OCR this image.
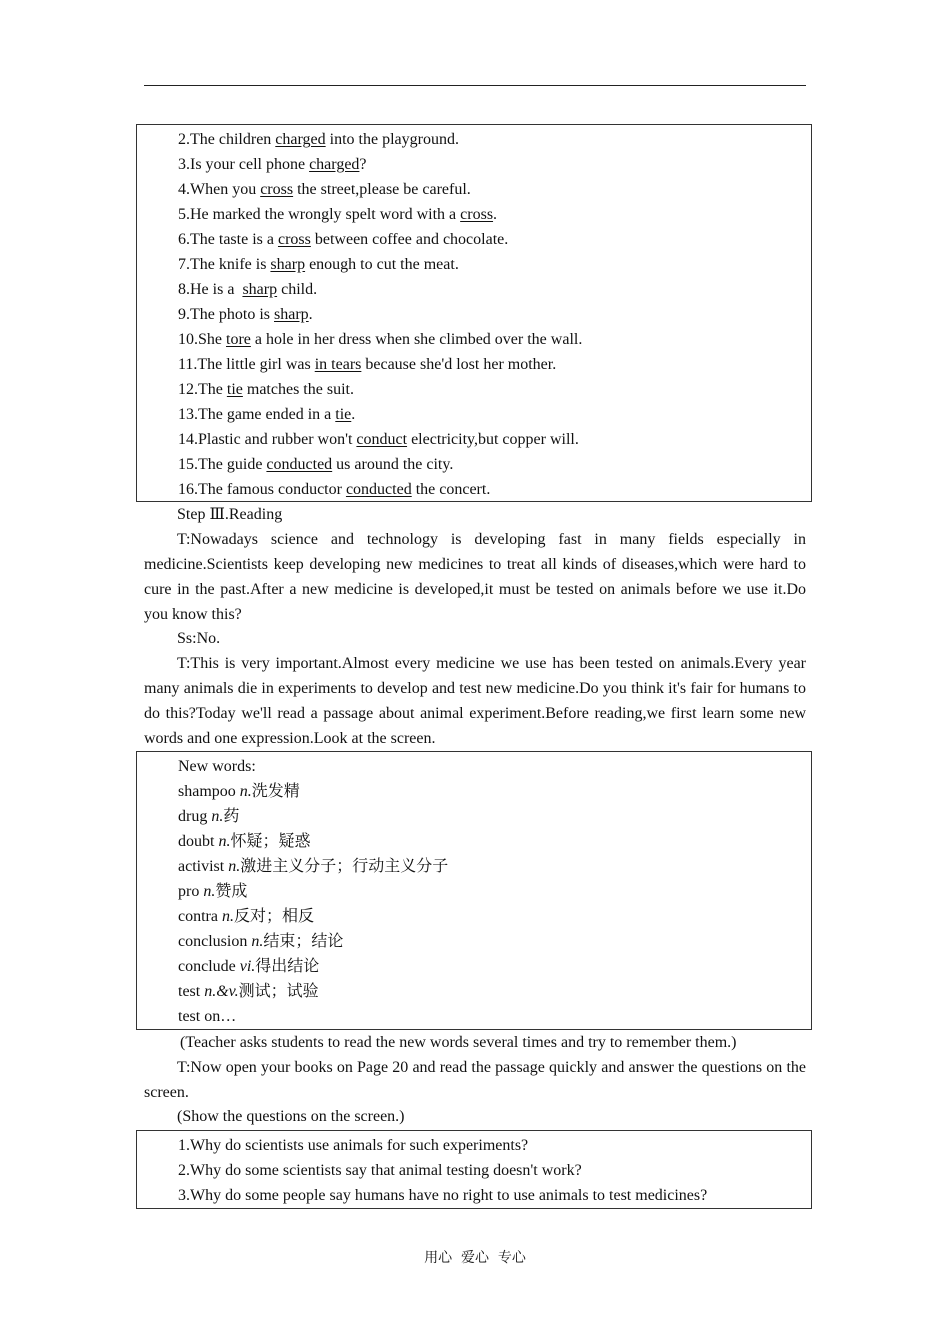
2.The children charged into the playground.
3.Is your cell phone charged?
4.When you cross the street,please be careful.
5.He marked the wrongly spelt word with a cross.
6.The taste is a cross between coffee and chocolate.
7.The knife is sharp enough to cut the meat.
8.He is a  sharp child.
9.The photo is sharp.
10.She tore a hole in her dress when she climbed over the wall.
11.The little girl was in tears because she'd lost her mother.
12.The tie matches the suit.
13.The game ended in a tie.
14.Plastic and rubber won't conduct electricity,but copper will.
15.The guide conducted us around the city.
16.The famous conductor conducted the concert.
Step Ⅲ.Reading
T:Nowadays science and technology is developing fast in many fields especially in medicine.Scientists keep developing new medicines to treat all kinds of diseases,which were hard to cure in the past.After a new medicine is developed,it must be tested on animals before we use it.Do you know this?
Ss:No.
T:This is very important.Almost every medicine we use has been tested on animals.Every year many animals die in experiments to develop and test new medicine.Do you think it's fair for humans to do this?Today we'll read a passage about animal experiment.Before reading,we first learn some new words and one expression.Look at the screen.
New words:
shampoo n.洗发精
drug n.药
doubt n.怀疑；疑惑
activist n.激进主义分子；行动主义分子
pro n.赞成
contra n.反对；相反
conclusion n.结束；结论
conclude vi.得出结论
test n.&v.测试；试验
test on…
(Teacher asks students to read the new words several times and try to remember them.)
T:Now open your books on Page 20 and read the passage quickly and answer the questions on the screen.
(Show the questions on the screen.)
1.Why do scientists use animals for such experiments?
2.Why do some scientists say that animal testing doesn't work?
3.Why do some people say humans have no right to use animals to test medicines?
用心  爱心  专心
